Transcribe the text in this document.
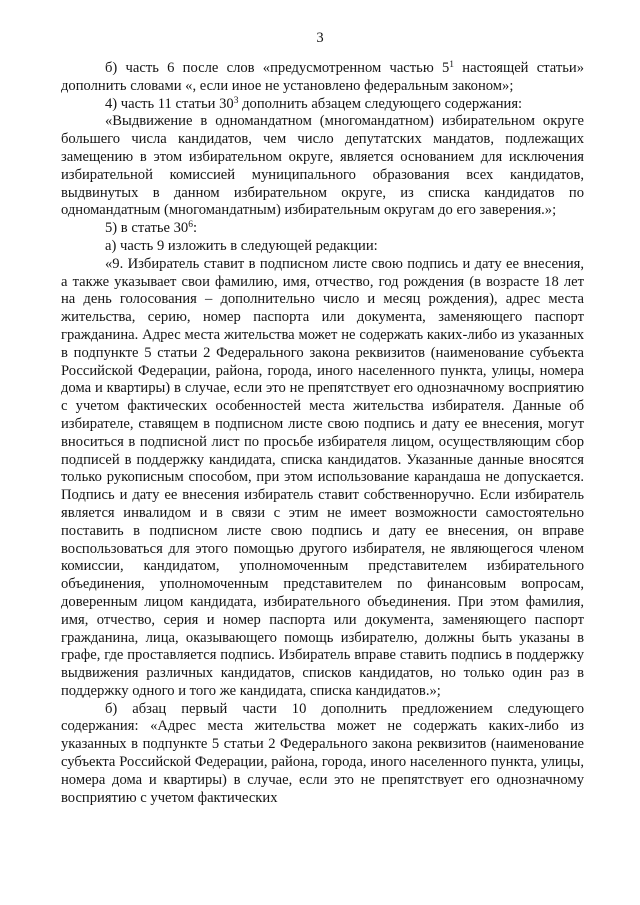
3

б) часть 6 после слов «предусмотренном частью $5^1$ настоящей статьи» дополнить словами «, если иное не установлено федеральным законом»;

4) часть 11 статьи $30^3$ дополнить абзацем следующего содержания:

«Выдвижение в одномандатном (многомандатном) избирательном округе большего числа кандидатов, чем число депутатских мандатов, подлежащих замещению в этом избирательном округе, является основанием для исключения избирательной комиссией муниципального образования всех кандидатов, выдвинутых в данном избирательном округе, из списка кандидатов по одномандатным (многомандатным) избирательным округам до его заверения.»;

5) в статье $30^6$:

а) часть 9 изложить в следующей редакции:

«9. Избиратель ставит в подписном листе свою подпись и дату ее внесения, а также указывает свои фамилию, имя, отчество, год рождения (в возрасте 18 лет на день голосования – дополнительно число и месяц рождения), адрес места жительства, серию, номер паспорта или документа, заменяющего паспорт гражданина. Адрес места жительства может не содержать каких-либо из указанных в подпункте 5 статьи 2 Федерального закона реквизитов (наименование субъекта Российской Федерации, района, города, иного населенного пункта, улицы, номера дома и квартиры) в случае, если это не препятствует его однозначному восприятию с учетом фактических особенностей места жительства избирателя. Данные об избирателе, ставящем в подписном листе свою подпись и дату ее внесения, могут вноситься в подписной лист по просьбе избирателя лицом, осуществляющим сбор подписей в поддержку кандидата, списка кандидатов. Указанные данные вносятся только рукописным способом, при этом использование карандаша не допускается. Подпись и дату ее внесения избиратель ставит собственноручно. Если избиратель является инвалидом и в связи с этим не имеет возможности самостоятельно поставить в подписном листе свою подпись и дату ее внесения, он вправе воспользоваться для этого помощью другого избирателя, не являющегося членом комиссии, кандидатом, уполномоченным представителем избирательного объединения, уполномоченным представителем по финансовым вопросам, доверенным лицом кандидата, избирательного объединения. При этом фамилия, имя, отчество, серия и номер паспорта или документа, заменяющего паспорт гражданина, лица, оказывающего помощь избирателю, должны быть указаны в графе, где проставляется подпись. Избиратель вправе ставить подпись в поддержку выдвижения различных кандидатов, списков кандидатов, но только один раз в поддержку одного и того же кандидата, списка кандидатов.»;

б) абзац первый части 10 дополнить предложением следующего содержания: «Адрес места жительства может не содержать каких-либо из указанных в подпункте 5 статьи 2 Федерального закона реквизитов (наименование субъекта Российской Федерации, района, города, иного населенного пункта, улицы, номера дома и квартиры) в случае, если это не препятствует его однозначному восприятию с учетом фактических
